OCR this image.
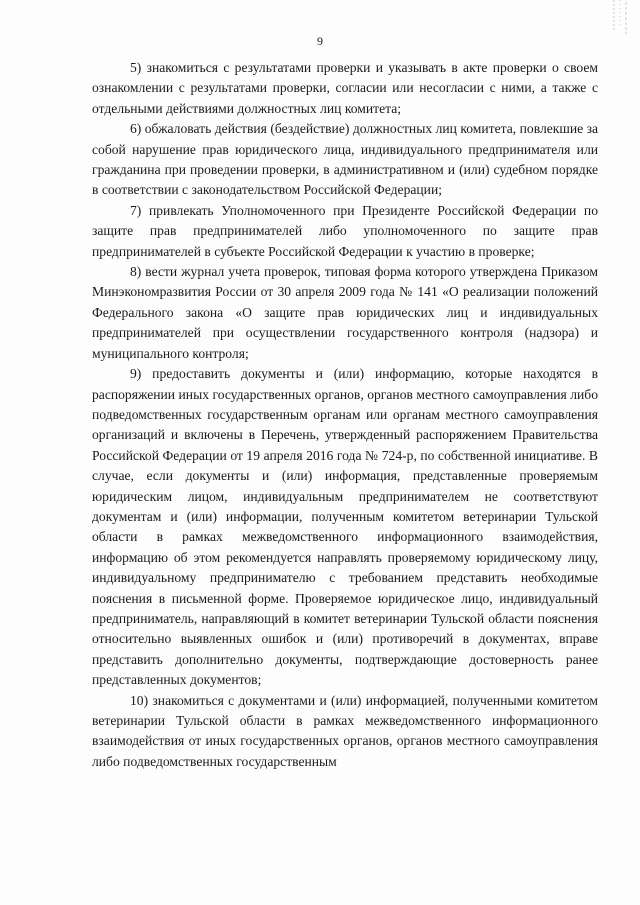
9

5) знакомиться с результатами проверки и указывать в акте проверки о своем ознакомлении с результатами проверки, согласии или несогласии с ними, а также с отдельными действиями должностных лиц комитета;

6) обжаловать действия (бездействие) должностных лиц комитета, повлекшие за собой нарушение прав юридического лица, индивидуального предпринимателя или гражданина при проведении проверки, в административном и (или) судебном порядке в соответствии с законодательством Российской Федерации;

7) привлекать Уполномоченного при Президенте Российской Федерации по защите прав предпринимателей либо уполномоченного по защите прав предпринимателей в субъекте Российской Федерации к участию в проверке;

8) вести журнал учета проверок, типовая форма которого утверждена Приказом Минэкономразвития России от 30 апреля 2009 года № 141 «О реализации положений Федерального закона «О защите прав юридических лиц и индивидуальных предпринимателей при осуществлении государственного контроля (надзора) и муниципального контроля;

9) предоставить документы и (или) информацию, которые находятся в распоряжении иных государственных органов, органов местного самоуправления либо подведомственных государственным органам или органам местного самоуправления организаций и включены в Перечень, утвержденный распоряжением Правительства Российской Федерации от 19 апреля 2016 года № 724-р, по собственной инициативе. В случае, если документы и (или) информация, представленные проверяемым юридическим лицом, индивидуальным предпринимателем не соответствуют документам и (или) информации, полученным комитетом ветеринарии Тульской области в рамках межведомственного информационного взаимодействия, информацию об этом рекомендуется направлять проверяемому юридическому лицу, индивидуальному предпринимателю с требованием представить необходимые пояснения в письменной форме. Проверяемое юридическое лицо, индивидуальный предприниматель, направляющий в комитет ветеринарии Тульской области пояснения относительно выявленных ошибок и (или) противоречий в документах, вправе представить дополнительно документы, подтверждающие достоверность ранее представленных документов;

10) знакомиться с документами и (или) информацией, полученными комитетом ветеринарии Тульской области в рамках межведомственного информационного взаимодействия от иных государственных органов, органов местного самоуправления либо подведомственных государственным
